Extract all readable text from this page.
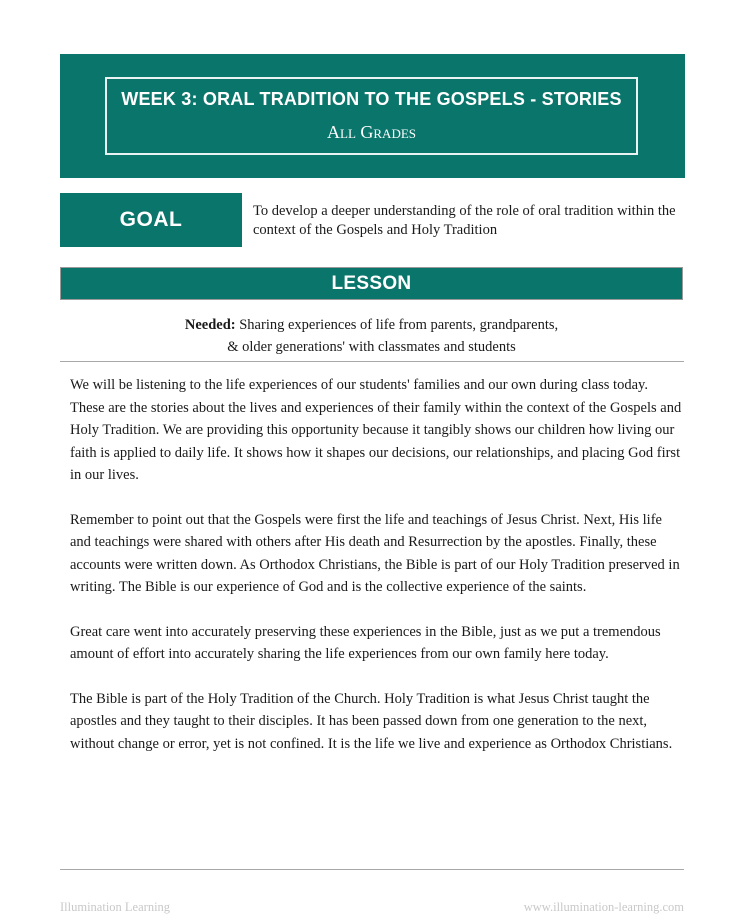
WEEK 3: ORAL TRADITION TO THE GOSPELS - STORIES
All Grades
GOAL	To develop a deeper understanding of the role of oral tradition within the context of the Gospels and Holy Tradition
LESSON
Needed: Sharing experiences of life from parents, grandparents,
& older generations' with classmates and students

We will be listening to the life experiences of our students' families and our own during class today. These are the stories about the lives and experiences of their family within the context of the Gospels and Holy Tradition. We are providing this opportunity because it tangibly shows our children how living our faith is applied to daily life. It shows how it shapes our decisions, our relationships, and placing God first in our lives.

Remember to point out that the Gospels were first the life and teachings of Jesus Christ. Next, His life and teachings were shared with others after His death and Resurrection by the apostles. Finally, these accounts were written down. As Orthodox Christians, the Bible is part of our Holy Tradition preserved in writing. The Bible is our experience of God and is the collective experience of the saints.

Great care went into accurately preserving these experiences in the Bible, just as we put a tremendous amount of effort into accurately sharing the life experiences from our own family here today.

The Bible is part of the Holy Tradition of the Church. Holy Tradition is what Jesus Christ taught the apostles and they taught to their disciples. It has been passed down from one generation to the next, without change or error, yet is not confined. It is the life we live and experience as Orthodox Christians.

Illumination Learning	www.illumination-learning.com
